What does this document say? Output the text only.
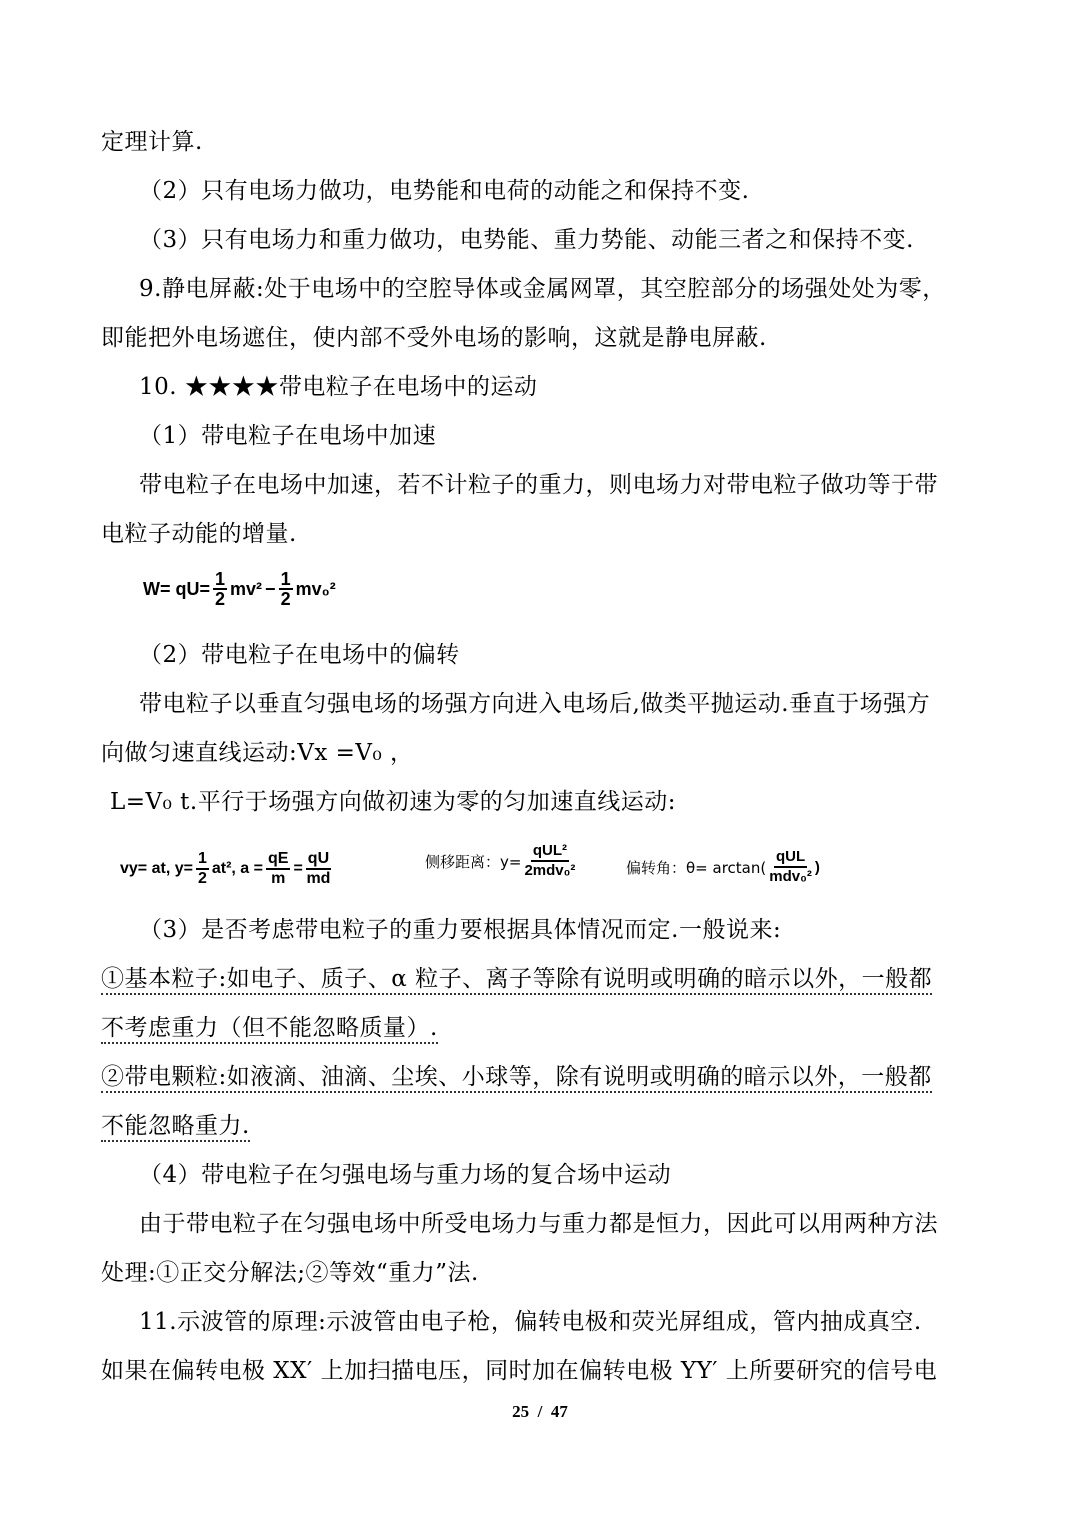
定理计算.
（2）只有电场力做功，电势能和电荷的动能之和保持不变.
（3）只有电场力和重力做功，电势能、重力势能、动能三者之和保持不变.
9.静电屏蔽:处于电场中的空腔导体或金属网罩，其空腔部分的场强处处为零，
即能把外电场遮住，使内部不受外电场的影响，这就是静电屏蔽.
10. ★★★★带电粒子在电场中的运动
（1）带电粒子在电场中加速
带电粒子在电场中加速，若不计粒子的重力，则电场力对带电粒子做功等于带
电粒子动能的增量.
$W= qU= \frac{1}{2} mv^2 - \frac{1}{2} mv_0^2$
（2）带电粒子在电场中的偏转
带电粒子以垂直匀强电场的场强方向进入电场后,做类平抛运动.垂直于场强方
向做匀速直线运动:Vx =V₀ ，
L=V₀ t.平行于场强方向做初速为零的匀加速直线运动:
vy= at, $y= \frac{1}{2} at^2$, $a = \frac{qE}{m} = \frac{qU}{md}$	侧移距离：$y= \frac{\text{qUL²}}{\text{2mdv₀²}}$	偏转角：$\theta= \arctan( \frac{\text{qUL}}{\text{mdv₀²}}$ )
（3）是否考虑带电粒子的重力要根据具体情况而定.一般说来:
①基本粒子:如电子、质子、α 粒子、离子等除有说明或明确的暗示以外，一般都
不考虑重力（但不能忽略质量）.
②带电颗粒:如液滴、油滴、尘埃、小球等，除有说明或明确的暗示以外，一般都
不能忽略重力.
（4）带电粒子在匀强电场与重力场的复合场中运动
由于带电粒子在匀强电场中所受电场力与重力都是恒力，因此可以用两种方法
处理:①正交分解法;②等效“重力”法.
11.示波管的原理:示波管由电子枪，偏转电极和荧光屏组成，管内抽成真空.
如果在偏转电极 XX′ 上加扫描电压，同时加在偏转电极 YY′ 上所要研究的信号电
25 / 47
